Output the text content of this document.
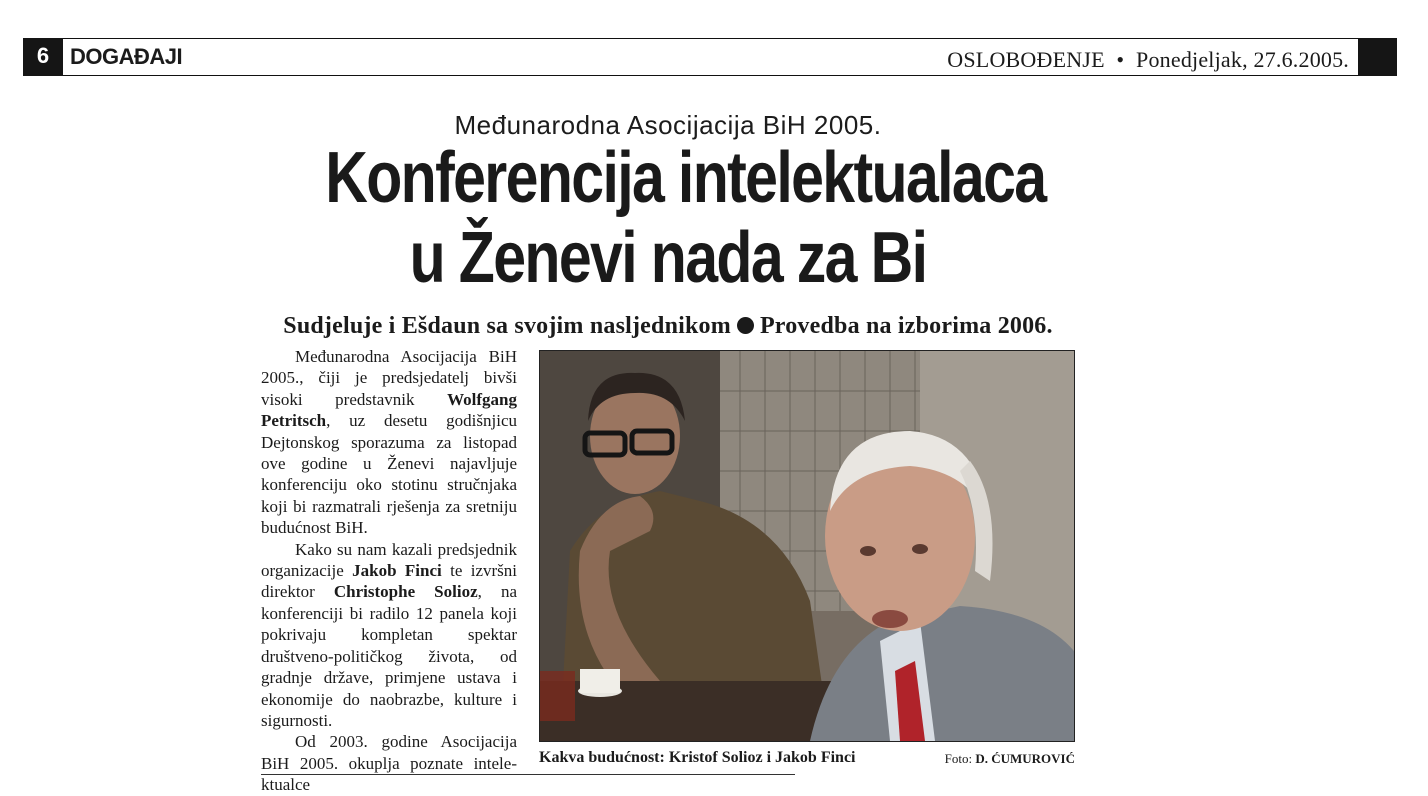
6 DOGAĐAJI	OSLOBOĐENJE • Ponedjeljak, 27.6.2005.
Međunarodna Asocijacija BiH 2005.
Konferencija intelektualaca
u Ženevi nada za Bi
Sudjeluje i Ešdaun sa svojim nasljednikom Provedba na izborima 2006.

Međunarodna Asocijacija BiH 2005., čiji je predsjedatelj bivši visoki predstavnik Wolfgang Petritsch, uz desetu godišnjicu Dejtonskog sporazuma za listopad ove godine u Ženevi najavljuje konferenciju oko stotinu stručnjaka koji bi razmatrali rješenja za sretniju budućnost BiH.

Kako su nam kazali predsjednik organizacije Jakob Finci te izvršni direktor Christophe Solioz, na konferenciji bi radilo 12 panela koji pokrivaju kompletan spektar društveno-političkog života, od gradnje države, primjene ustava i ekonomije do naobrazbe, kulture i sigurnosti.

Od 2003. godine Asocijacija BiH 2005. okuplja poznate intelektualce

Kakva budućnost: Kristof Solioz i Jakob Finci	Foto: D. ĆUMUROVIĆ
